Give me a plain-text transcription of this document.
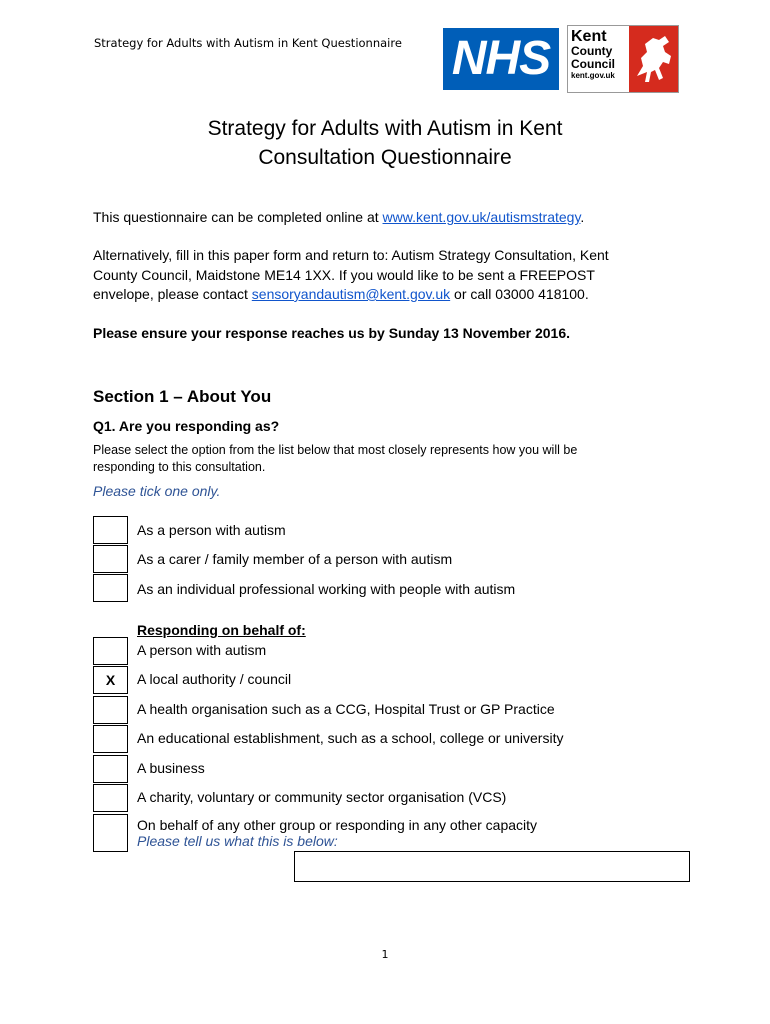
Strategy for Adults with Autism in Kent Questionnaire NHS	Kent
County
Council
kent.gov.uk
Strategy for Adults with Autism in Kent
Consultation Questionnaire
This questionnaire can be completed online at www.kent.gov.uk/autismstrategy.
Alternatively, fill in this paper form and return to: Autism Strategy Consultation, Kent
County Council, Maidstone ME14 1XX. If you would like to be sent a FREEPOST
envelope, please contact sensoryandautism@kent.gov.uk or call 03000 418100.
Please ensure your response reaches us by Sunday 13 November 2016.
Section 1 – About You
Q1. Are you responding as?
Please select the option from the list below that most closely represents how you will be
responding to this consultation.
Please tick one only.
As a person with autism
As a carer / family member of a person with autism
As an individual professional working with people with autism
Responding on behalf of:
A person with autism
X	A local authority / council
A health organisation such as a CCG, Hospital Trust or GP Practice
An educational establishment, such as a school, college or university
A business
A charity, voluntary or community sector organisation (VCS)
On behalf of any other group or responding in any other capacity
Please tell us what this is below:
1
